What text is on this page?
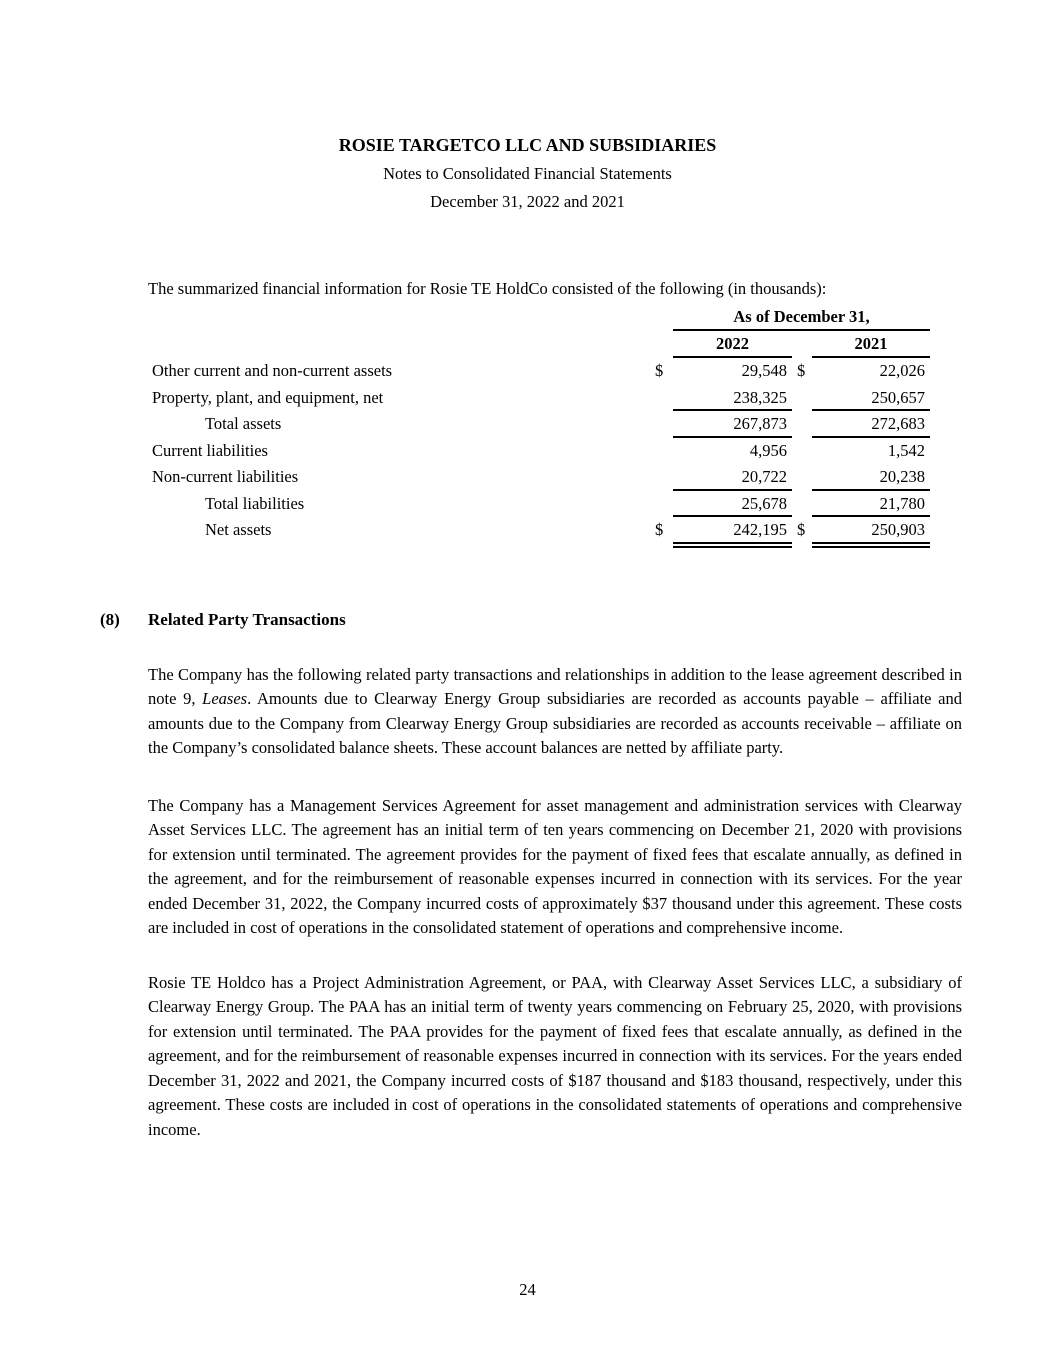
ROSIE TARGETCO LLC AND SUBSIDIARIES
Notes to Consolidated Financial Statements
December 31, 2022 and 2021

The summarized financial information for Rosie TE HoldCo consisted of the following (in thousands):

As of December 31,
2022	2021
Other current and non-current assets	$	29,548 $	22,026
Property, plant, and equipment, net	238,325	250,657
Total assets	267,873	272,683
Current liabilities	4,956	1,542
Non-current liabilities	20,722	20,238
Total liabilities	25,678	21,780
Net assets	$	242,195 $	250,903
(8)	Related Party Transactions

The Company has the following related party transactions and relationships in addition to the lease agreement described in note 9, Leases. Amounts due to Clearway Energy Group subsidiaries are recorded as accounts payable – affiliate and amounts due to the Company from Clearway Energy Group subsidiaries are recorded as accounts receivable – affiliate on the Company’s consolidated balance sheets. These account balances are netted by affiliate party.

The Company has a Management Services Agreement for asset management and administration services with Clearway Asset Services LLC. The agreement has an initial term of ten years commencing on December 21, 2020 with provisions for extension until terminated. The agreement provides for the payment of fixed fees that escalate annually, as defined in the agreement, and for the reimbursement of reasonable expenses incurred in connection with its services. For the year ended December 31, 2022, the Company incurred costs of approximately $37 thousand under this agreement. These costs are included in cost of operations in the consolidated statement of operations and comprehensive income.

Rosie TE Holdco has a Project Administration Agreement, or PAA, with Clearway Asset Services LLC, a subsidiary of Clearway Energy Group. The PAA has an initial term of twenty years commencing on February 25, 2020, with provisions for extension until terminated. The PAA provides for the payment of fixed fees that escalate annually, as defined in the agreement, and for the reimbursement of reasonable expenses incurred in connection with its services. For the years ended December 31, 2022 and 2021, the Company incurred costs of $187 thousand and $183 thousand, respectively, under this agreement. These costs are included in cost of operations in the consolidated statements of operations and comprehensive income.

24
